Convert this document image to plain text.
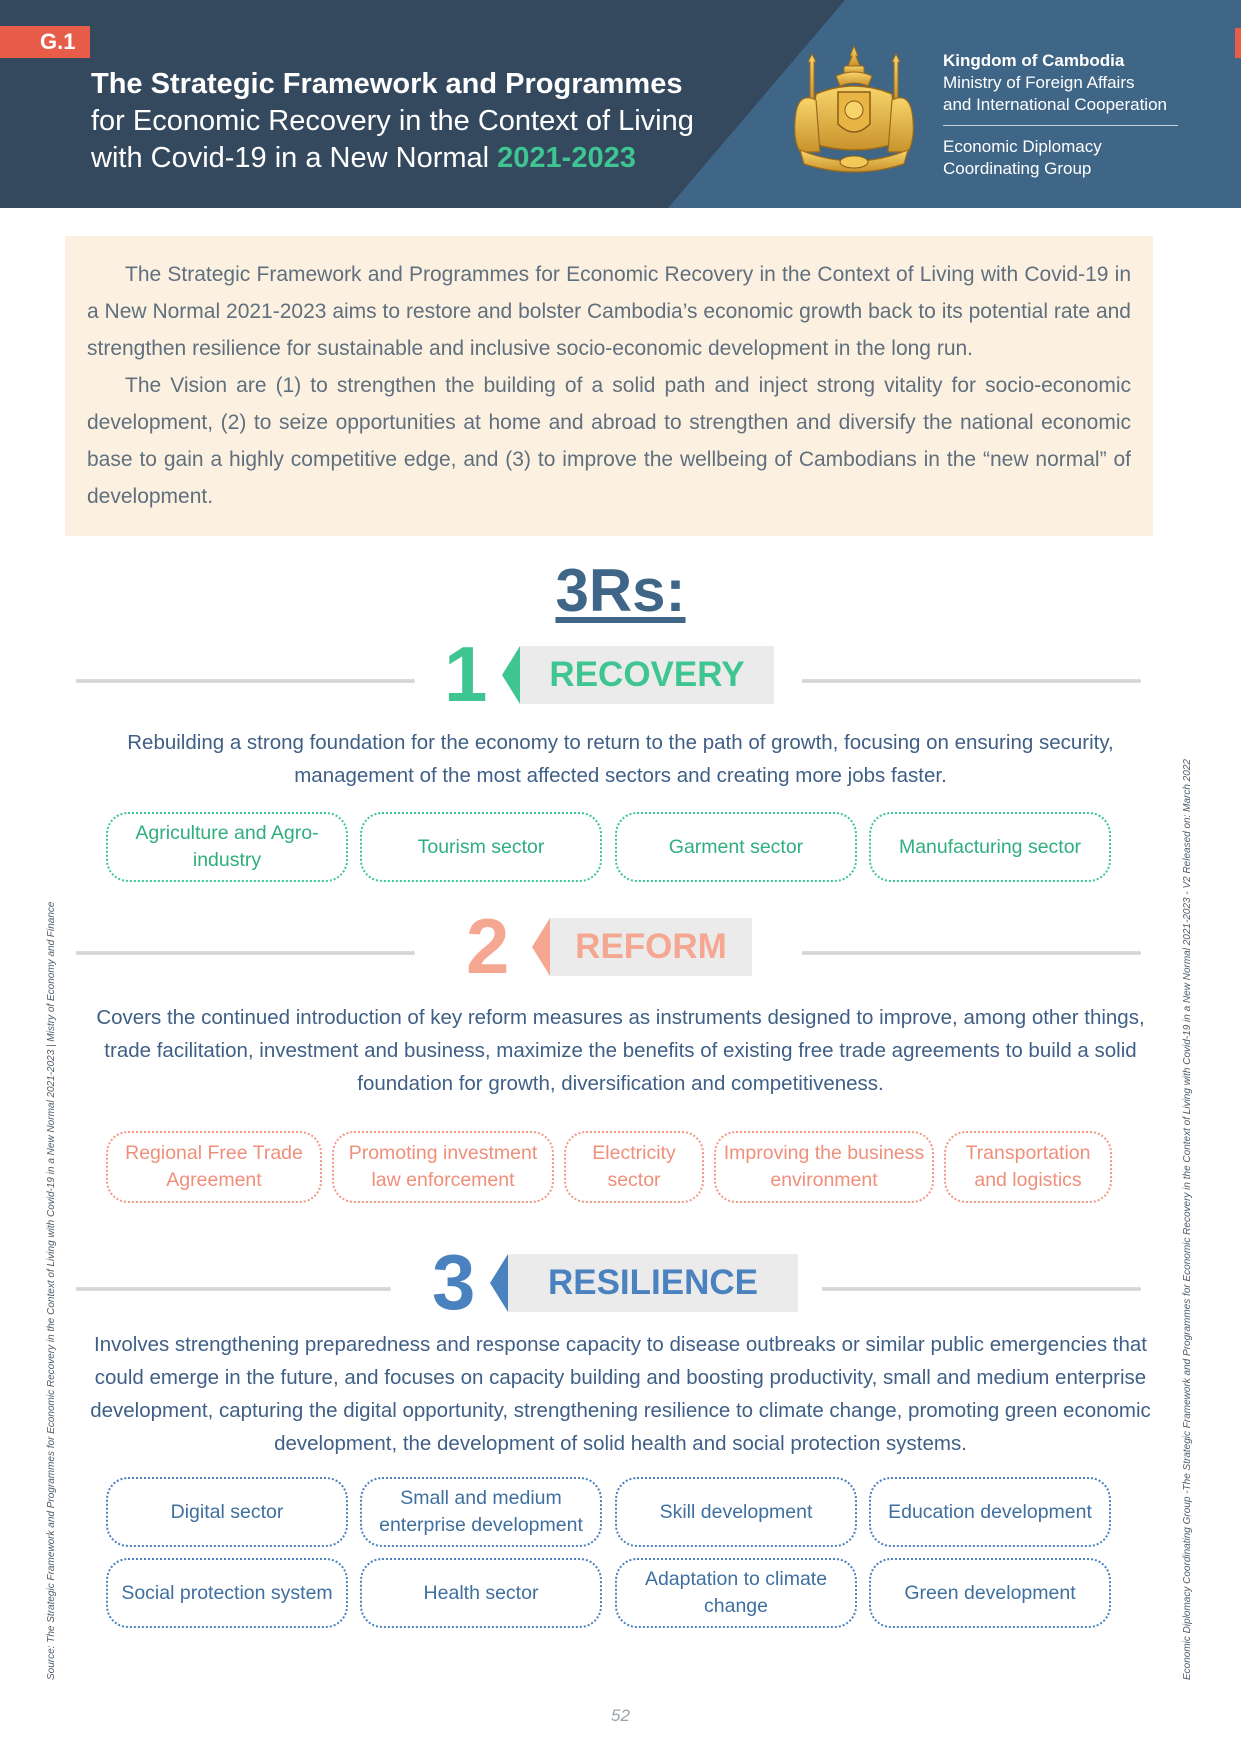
G.1
The Strategic Framework and Programmes
for Economic Recovery in the Context of Living
with Covid-19 in a New Normal 2021-2023
Kingdom of Cambodia
Ministry of Foreign Affairs
and International Cooperation
Economic Diplomacy
Coordinating Group

The Strategic Framework and Programmes for Economic Recovery in the Context of Living with Covid-19 in a New Normal 2021-2023 aims to restore and bolster Cambodia’s economic growth back to its potential rate and strengthen resilience for sustainable and inclusive socio-economic development in the long run.

The Vision are (1) to strengthen the building of a solid path and inject strong vitality for socio-economic development, (2) to seize opportunities at home and abroad to strengthen and diversify the national economic base to gain a highly competitive edge, and (3) to improve the wellbeing of Cambodians in the “new normal” of development.

3Rs:
1	RECOVERY
Rebuilding a strong foundation for the economy to return to the path of growth, focusing on ensuring security, management of the most affected sectors and creating more jobs faster.
Agriculture and Agro-industry
Tourism sector	Garment sector	Manufacturing sector
2	REFORM
Covers the continued introduction of key reform measures as instruments designed to improve, among other things, trade facilitation, investment and business, maximize the benefits of existing free trade agreements to build a solid foundation for growth, diversification and competitiveness.
Regional Free Trade Agreement
Promoting investment law enforcement
Electricity sector
Improving the business environment
Transportation and logistics
3	RESILIENCE
Involves strengthening preparedness and response capacity to disease outbreaks or similar public emergencies that could emerge in the future, and focuses on capacity building and boosting productivity, small and medium enterprise development, capturing the digital opportunity, strengthening resilience to climate change, promoting green economic development, the development of solid health and social protection systems.
Digital sector
Small and medium enterprise development
Skill development	Education development
Social protection system	Health sector
Adaptation to climate change
Green development
Source: The Strategic Framework and Programmes for Economic Recovery in the Context of Living with Covid-19 in a New Normal 2021-2023 | Mistry of Economy and Finance	Economic Diplomacy Coordinating Group -The Strategic Framework and Programmes for Economic Recovery in the Context of Living with Covid-19 in a New Normal 2021-2023 - V2 Released on: March 2022
52
